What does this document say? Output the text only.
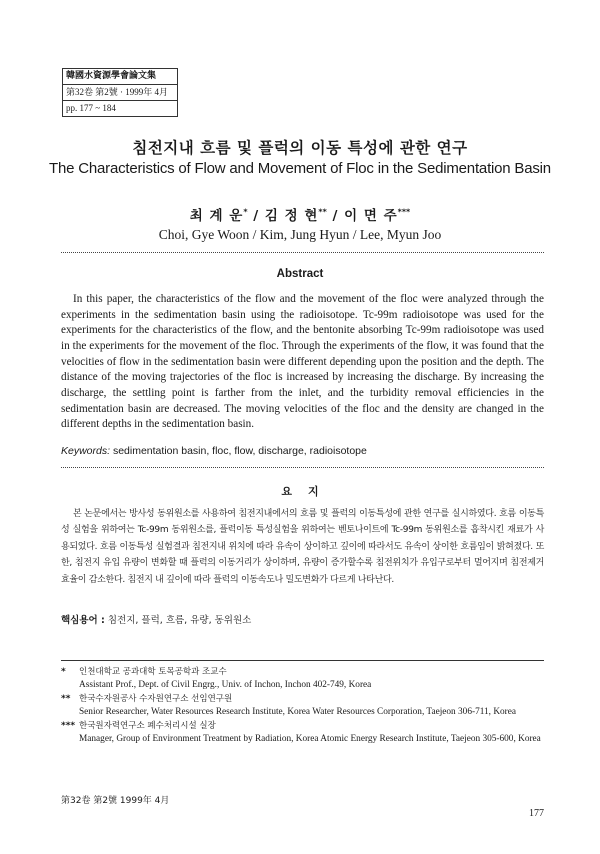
韓國水資源學會論文集
第32卷 第2號 · 1999年 4月
pp. 177 ~ 184
침전지내 흐름 및 플럭의 이동 특성에 관한 연구
The Characteristics of Flow and Movement of Floc in the Sedimentation Basin
최 계 운* / 김 정 현** / 이 면 주***
Choi, Gye Woon / Kim, Jung Hyun / Lee, Myun Joo
Abstract

In this paper, the characteristics of the flow and the movement of the floc were analyzed through the experiments in the sedimentation basin using the radioisotope. Tc-99m radioisotope was used for the experiments for the characteristics of the flow, and the bentonite absorbing Tc-99m radioisotope was used in the experiments for the movement of the floc. Through the experiments of the flow, it was found that the velocities of flow in the sedimentation basin were different depending upon the position and the depth. The distance of the moving trajectories of the floc is increased by increasing the discharge. By increasing the discharge, the settling point is farther from the inlet, and the turbidity removal efficiencies in the sedimentation basin are decreased. The moving velocities of the floc and the density are changed in the different depths in the sedimentation basin.

Keywords: sedimentation basin, floc, flow, discharge, radioisotope
요지

본 논문에서는 방사성 동위원소를 사용하여 침전지내에서의 흐름 및 플럭의 이동특성에 관한 연구를 실시하였다. 흐름 이동특성 실험을 위하여는 Tc-99m 동위원소를, 플럭이동 특성실험을 위하여는 벤토나이트에 Tc-99m 동위원소를 흡착시킨 재료가 사용되었다. 흐름 이동특성 실험결과 침전지내 위치에 따라 유속이 상이하고 깊이에 따라서도 유속이 상이한 흐름임이 밝혀졌다. 또한, 침전지 유입 유량이 변화할 때 플럭의 이동거리가 상이하며, 유량이 증가할수록 침전위치가 유입구로부터 멀어지며 침전제거효율이 감소한다. 침전지 내 깊이에 따라 플럭의 이동속도나 밀도변화가 다르게 나타난다.

핵심용어 : 침전지, 플럭, 흐름, 유량, 동위원소
*	인천대학교 공과대학 토목공학과 조교수
Assistant Prof., Dept. of Civil Engrg., Univ. of Inchon, Inchon 402-749, Korea
**	한국수자원공사 수자원연구소 선임연구원
Senior Researcher, Water Resources Research Institute, Korea Water Resources Corporation, Taejeon 306-711, Korea
*** 한국원자력연구소 폐수처리시설 실장
Manager, Group of Environment Treatment by Radiation, Korea Atomic Energy Research Institute, Taejeon 305-600, Korea
第32卷 第2號 1999年 4月
177
